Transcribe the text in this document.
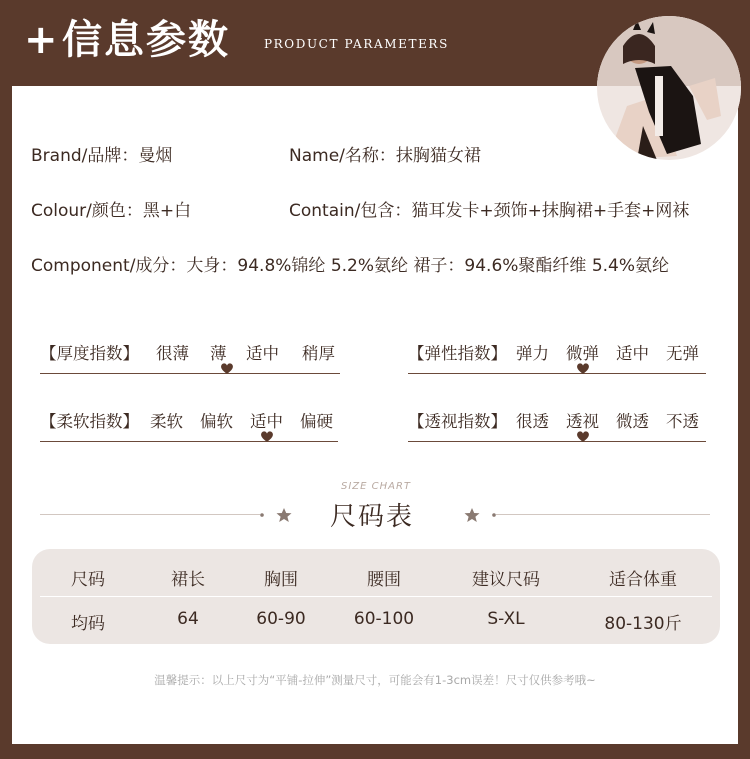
+ 信息参数	PRODUCT PARAMETERS
Brand/品牌：曼烟	Name/名称：抹胸猫女裙
Colour/颜色：黑+白	Contain/包含：猫耳发卡+颈饰+抹胸裙+手套+网袜
Component/成分：大身：94.8%锦纶 5.2%氨纶 裙子：94.6%聚酯纤维 5.4%氨纶
【厚度指数】 很薄 薄 适中 稍厚	【弹性指数】 弹力 微弹 适中 无弹
【柔软指数】 柔软 偏软 适中 偏硬	【透视指数】 很透 透视 微透 不透
SIZE CHART
尺码表
尺码	裙长	胸围	腰围	建议尺码	适合体重
均码	64	60-90	60-100	S-XL	80-130斤
温馨提示：以上尺寸为“平铺-拉伸”测量尺寸，可能会有1-3cm误差！尺寸仅供参考哦~
